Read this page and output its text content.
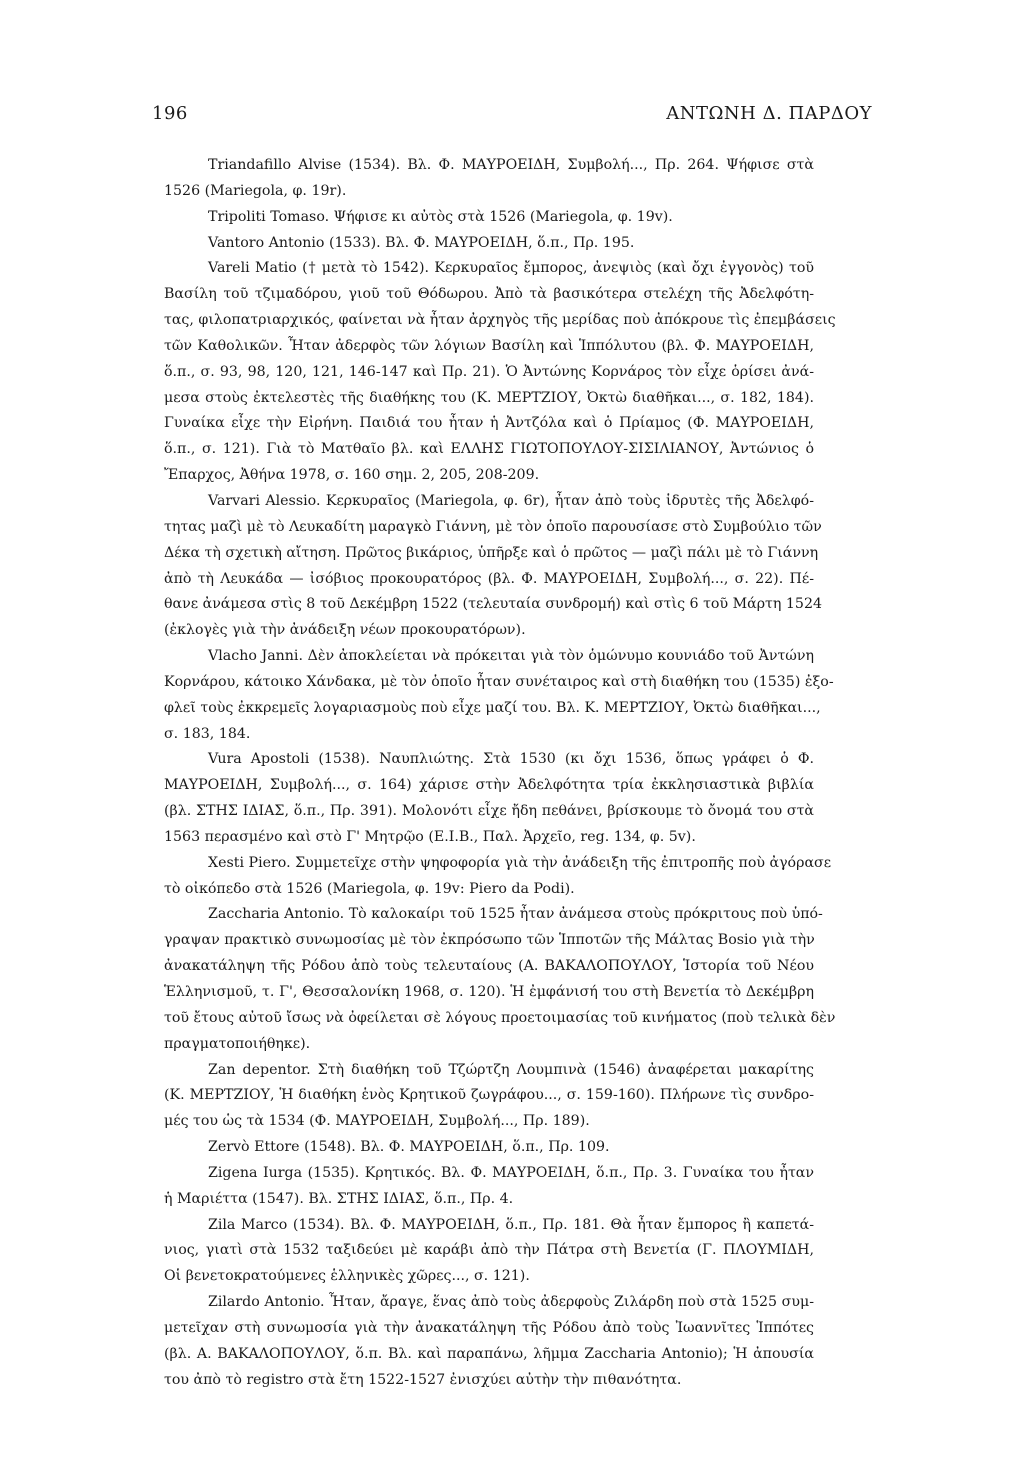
196	ΑΝΤΩΝΗ Δ. ΠΑΡΔΟΥ
Triandafillo Alvise (1534). Βλ. Φ. ΜΑΥΡΟΕΙΔΗ, Συμβολή..., Πρ. 264. Ψήφισε στὰ
1526 (Mariegola, φ. 19r).
Tripoliti Tomaso. Ψήφισε κι αὐτὸς στὰ 1526 (Mariegola, φ. 19v).
Vantoro Antonio (1533). Βλ. Φ. ΜΑΥΡΟΕΙΔΗ, ὅ.π., Πρ. 195.
Vareli Matio († μετὰ τὸ 1542). Κερκυραῖος ἔμπορος, ἀνεψιὸς (καὶ ὄχι ἐγγονὸς) τοῦ
Βασίλη τοῦ τζιμαδόρου, γιοῦ τοῦ Θόδωρου. Ἀπὸ τὰ βασικότερα στελέχη τῆς Ἀδελφότη-
τας, φιλοπατριαρχικός, φαίνεται νὰ ἦταν ἀρχηγὸς τῆς μερίδας ποὺ ἀπόκρουε τὶς ἐπεμβάσεις
τῶν Καθολικῶν. Ἦταν ἀδερφὸς τῶν λόγιων Βασίλη καὶ Ἱππόλυτου (βλ. Φ. ΜΑΥΡΟΕΙΔΗ,
ὅ.π., σ. 93, 98, 120, 121, 146-147 καὶ Πρ. 21). Ὁ Ἀντώνης Κορνάρος τὸν εἶχε ὁρίσει ἀνά-
μεσα στοὺς ἐκτελεστὲς τῆς διαθήκης του (Κ. ΜΕΡΤΖΙΟΥ, Ὀκτὼ διαθῆκαι..., σ. 182, 184).
Γυναίκα εἶχε τὴν Εἰρήνη. Παιδιά του ἦταν ἡ Ἀντζόλα καὶ ὁ Πρίαμος (Φ. ΜΑΥΡΟΕΙΔΗ,
ὅ.π., σ. 121). Γιὰ τὸ Ματθαῖο βλ. καὶ ΕΛΛΗΣ ΓΙΩΤΟΠΟΥΛΟΥ-ΣΙΣΙΛΙΑΝΟΥ, Ἀντώνιος ὁ
Ἔπαρχος, Ἀθήνα 1978, σ. 160 σημ. 2, 205, 208-209.
Varvari Alessio. Κερκυραῖος (Mariegola, φ. 6r), ἦταν ἀπὸ τοὺς ἱδρυτὲς τῆς Ἀδελφό-
τητας μαζὶ μὲ τὸ Λευκαδίτη μαραγκὸ Γιάννη, μὲ τὸν ὁποῖο παρουσίασε στὸ Συμβούλιο τῶν
Δέκα τὴ σχετικὴ αἴτηση. Πρῶτος βικάριος, ὑπῆρξε καὶ ὁ πρῶτος — μαζὶ πάλι μὲ τὸ Γιάννη
ἀπὸ τὴ Λευκάδα — ἰσόβιος προκουρατόρος (βλ. Φ. ΜΑΥΡΟΕΙΔΗ, Συμβολή..., σ. 22). Πέ-
θανε ἀνάμεσα στὶς 8 τοῦ Δεκέμβρη 1522 (τελευταία συνδρομή) καὶ στὶς 6 τοῦ Μάρτη 1524
(ἐκλογὲς γιὰ τὴν ἀνάδειξη νέων προκουρατόρων).
Vlacho Janni. Δὲν ἀποκλείεται νὰ πρόκειται γιὰ τὸν ὁμώνυμο κουνιάδο τοῦ Ἀντώνη
Κορνάρου, κάτοικο Χάνδακα, μὲ τὸν ὁποῖο ἦταν συνέταιρος καὶ στὴ διαθήκη του (1535) ἐξο-
φλεῖ τοὺς ἐκκρεμεῖς λογαριασμοὺς ποὺ εἶχε μαζί του. Βλ. Κ. ΜΕΡΤΖΙΟΥ, Ὀκτὼ διαθῆκαι...,
σ. 183, 184.
Vura Apostoli (1538). Ναυπλιώτης. Στὰ 1530 (κι ὄχι 1536, ὅπως γράφει ὁ Φ.
ΜΑΥΡΟΕΙΔΗ, Συμβολή..., σ. 164) χάρισε στὴν Ἀδελφότητα τρία ἐκκλησιαστικὰ βιβλία
(βλ. ΣΤΗΣ ΙΔΙΑΣ, ὅ.π., Πρ. 391). Μολονότι εἶχε ἤδη πεθάνει, βρίσκουμε τὸ ὄνομά του στὰ
1563 περασμένο καὶ στὸ Γ' Μητρῷο (Ε.Ι.Β., Παλ. Ἀρχεῖο, reg. 134, φ. 5v).
Xesti Piero. Συμμετεῖχε στὴν ψηφοφορία γιὰ τὴν ἀνάδειξη τῆς ἐπιτροπῆς ποὺ ἀγόρασε
τὸ οἰκόπεδο στὰ 1526 (Mariegola, φ. 19v: Piero da Podi).
Zaccharia Antonio. Τὸ καλοκαίρι τοῦ 1525 ἦταν ἀνάμεσα στοὺς πρόκριτους ποὺ ὑπό-
γραψαν πρακτικὸ συνωμοσίας μὲ τὸν ἐκπρόσωπο τῶν Ἱπποτῶν τῆς Μάλτας Bosio γιὰ τὴν
ἀνακατάληψη τῆς Ρόδου ἀπὸ τοὺς τελευταίους (Α. ΒΑΚΑΛΟΠΟΥΛΟΥ, Ἱστορία τοῦ Νέου
Ἑλληνισμοῦ, τ. Γ', Θεσσαλονίκη 1968, σ. 120). Ἡ ἐμφάνισή του στὴ Βενετία τὸ Δεκέμβρη
τοῦ ἔτους αὐτοῦ ἴσως νὰ ὀφείλεται σὲ λόγους προετοιμασίας τοῦ κινήματος (ποὺ τελικὰ δὲν
πραγματοποιήθηκε).
Zan depentor. Στὴ διαθήκη τοῦ Τζώρτζη Λουμπινὰ (1546) ἀναφέρεται μακαρίτης
(Κ. ΜΕΡΤΖΙΟΥ, Ἡ διαθήκη ἑνὸς Κρητικοῦ ζωγράφου..., σ. 159-160). Πλήρωνε τὶς συνδρο-
μές του ὡς τὰ 1534 (Φ. ΜΑΥΡΟΕΙΔΗ, Συμβολή..., Πρ. 189).
Zervò Ettore (1548). Βλ. Φ. ΜΑΥΡΟΕΙΔΗ, ὅ.π., Πρ. 109.
Zigena Iurga (1535). Κρητικός. Βλ. Φ. ΜΑΥΡΟΕΙΔΗ, ὅ.π., Πρ. 3. Γυναίκα του ἦταν
ἡ Μαριέττα (1547). Βλ. ΣΤΗΣ ΙΔΙΑΣ, ὅ.π., Πρ. 4.
Zila Marco (1534). Βλ. Φ. ΜΑΥΡΟΕΙΔΗ, ὅ.π., Πρ. 181. Θὰ ἦταν ἔμπορος ἢ καπετά-
νιος, γιατὶ στὰ 1532 ταξιδεύει μὲ καράβι ἀπὸ τὴν Πάτρα στὴ Βενετία (Γ. ΠΛΟΥΜΙΔΗ,
Οἱ βενετοκρατούμενες ἑλληνικὲς χῶρες..., σ. 121).
Zilardo Antonio. Ἦταν, ἄραγε, ἕνας ἀπὸ τοὺς ἀδερφοὺς Ζιλάρδη ποὺ στὰ 1525 συμ-
μετεῖχαν στὴ συνωμοσία γιὰ τὴν ἀνακατάληψη τῆς Ρόδου ἀπὸ τοὺς Ἰωαννῖτες Ἱππότες
(βλ. Α. ΒΑΚΑΛΟΠΟΥΛΟΥ, ὅ.π. Βλ. καὶ παραπάνω, λῆμμα Zaccharia Antonio); Ἡ ἀπουσία
του ἀπὸ τὸ registro στὰ ἔτη 1522-1527 ἐνισχύει αὐτὴν τὴν πιθανότητα.
